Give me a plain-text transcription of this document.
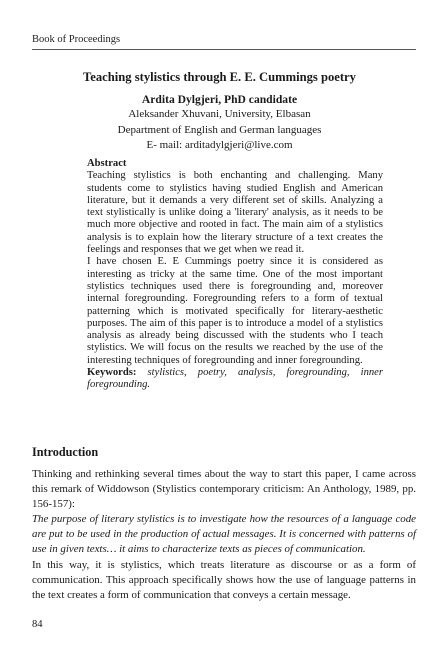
Book of Proceedings
Teaching stylistics through E. E. Cummings poetry
Ardita Dylgjeri, PhD candidate
Aleksander Xhuvani, University, Elbasan
Department of English and German languages
E- mail: arditadylgjeri@live.com

Abstract

Teaching stylistics is both enchanting and challenging. Many students come to stylistics having studied English and American literature, but it demands a very different set of skills. Analyzing a text stylistically is unlike doing a 'literary' analysis, as it needs to be much more objective and rooted in fact. The main aim of a stylistics analysis is to explain how the literary structure of a text creates the feelings and responses that we get when we read it.

I have chosen E. E Cummings poetry since it is considered as interesting as tricky at the same time. One of the most important stylistics techniques used there is foregrounding and, moreover internal foregrounding. Foregrounding refers to a form of textual patterning which is motivated specifically for literary-aesthetic purposes. The aim of this paper is to introduce a model of a stylistics analysis as already being discussed with the students who I teach stylistics. We will focus on the results we reached by the use of the interesting techniques of foregrounding and inner foregrounding.

Keywords: stylistics, poetry, analysis, foregrounding, inner foregrounding.

Introduction

Thinking and rethinking several times about the way to start this paper, I came across this remark of Widdowson (Stylistics contemporary criticism: An Anthology, 1989, pp. 156-157):

The purpose of literary stylistics is to investigate how the resources of a language code are put to be used in the production of actual messages. It is concerned with patterns of use in given texts… it aims to characterize texts as pieces of communication.

In this way, it is stylistics, which treats literature as discourse or as a form of communication. This approach specifically shows how the use of language patterns in the text creates a form of communication that conveys a certain message.

84
